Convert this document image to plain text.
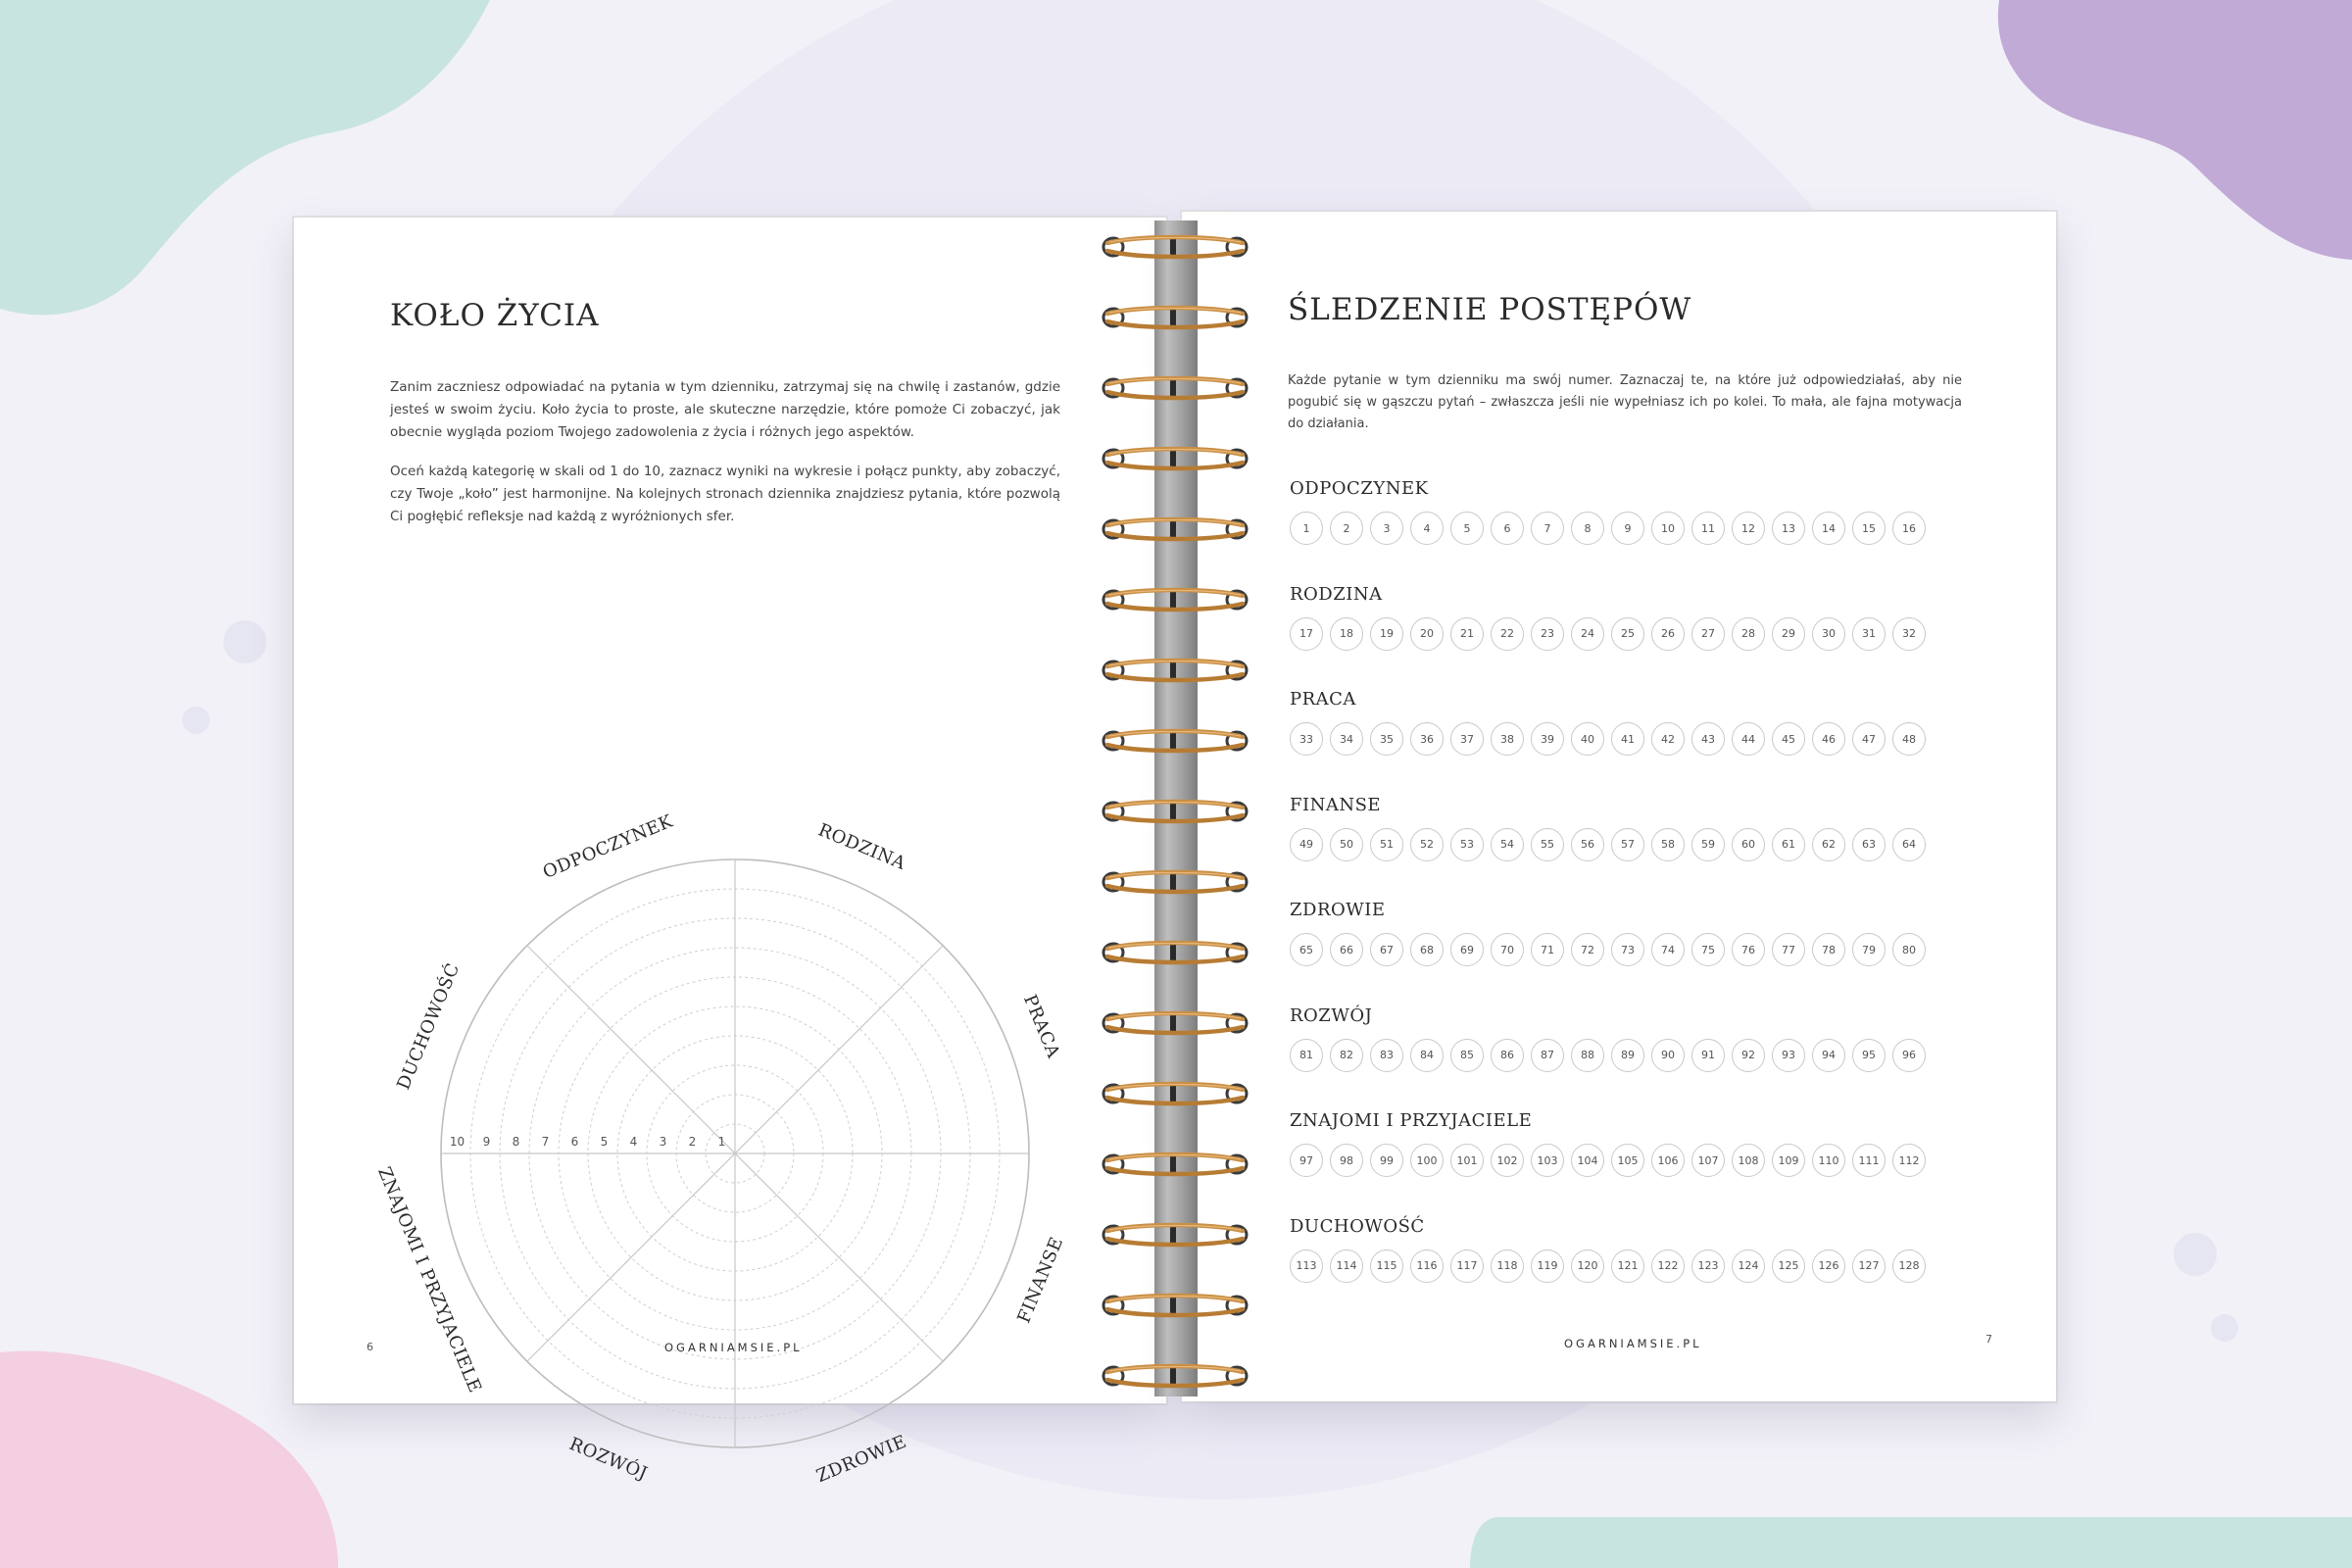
KOŁO ŻYCIA
Zanim zaczniesz odpowiadać na pytania w tym dzienniku, zatrzymaj się na chwilę i zastanów, gdzie jesteś w swoim życiu. Koło życia to proste, ale skuteczne narzędzie, które pomoże Ci zobaczyć, jak obecnie wygląda poziom Twojego zadowolenia z życia i różnych jego aspektów.
Oceń każdą kategorię w skali od 1 do 10, zaznacz wyniki na wykresie i połącz punkty, aby zobaczyć, czy Twoje „koło” jest harmonijne. Na kolejnych stronach dziennika znajdziesz pytania, które pozwolą Ci pogłębić refleksje nad każdą z wyróżnionych sfer.
10 9 8 7 6 5 4 3 2 1
ODPOCZYNEK	RODZINA
PRACA
FINANSE
ZDROWIE
ROZWÓJ
ZNAJOMI I PRZYJACIELE
DUCHOWOŚĆ
6	OGARNIAMSIE.PL
ŚLEDZENIE POSTĘPÓW
Każde pytanie w tym dzienniku ma swój numer. Zaznaczaj te, na które już odpowiedziałaś, aby nie pogubić się w gąszczu pytań – zwłaszcza jeśli nie wypełniasz ich po kolei. To mała, ale fajna motywacja do działania.
ODPOCZYNEK
1	2	3	4	5	6	7	8	9	10	11	12	13	14	15	16
RODZINA
17	18	19	20	21	22	23	24	25	26	27	28	29	30	31	32
PRACA
33	34	35	36	37	38	39	40	41	42	43	44	45	46	47	48
FINANSE
49	50	51	52	53	54	55	56	57	58	59	60	61	62	63	64
ZDROWIE
65	66	67	68	69	70	71	72	73	74	75	76	77	78	79	80
ROZWÓJ
81	82	83	84	85	86	87	88	89	90	91	92	93	94	95	96
ZNAJOMI I PRZYJACIELE
97	98	99	100	101	102	103	104	105	106	107	108	109	110	111	112
DUCHOWOŚĆ
113	114	115	116	117	118	119	120	121	122	123	124	125	126	127	128
OGARNIAMSIE.PL	7
